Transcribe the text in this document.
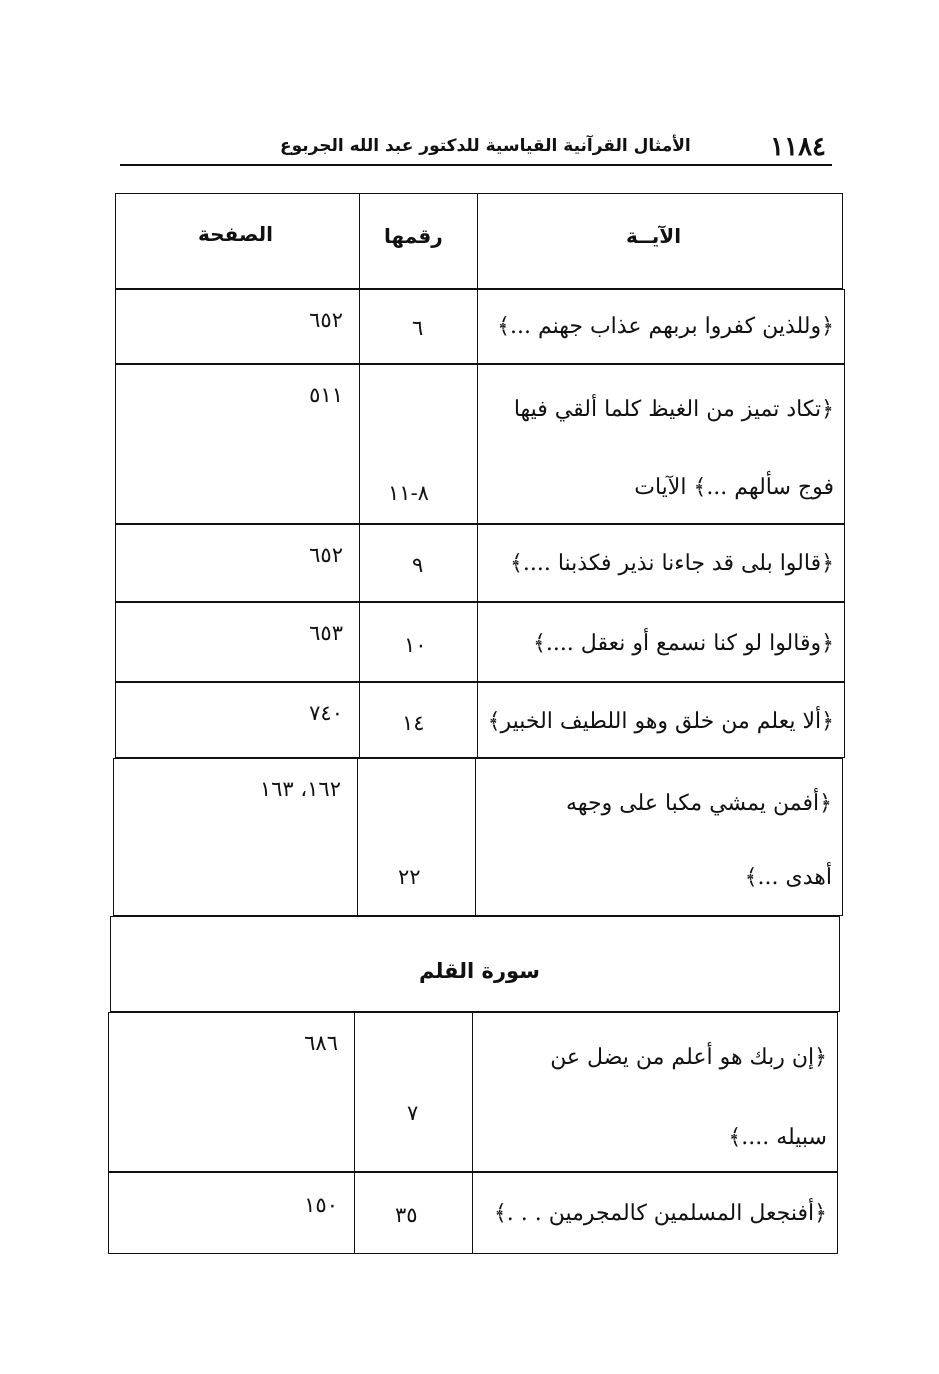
١١٨٤
الأمثال القرآنية القياسية للدكتور عبد الله الجربوع
الآيــة
رقمها
الصفحة
﴿وللذين كفروا بربهم عذاب جهنم ...﴾
٦
٦٥٢
﴿تكاد تميز من الغيظ كلما ألقي فيها
فوج سألهم ...﴾ الآيات
٨-١١
٥١١
﴿قالوا بلى قد جاءنا نذير فكذبنا ....﴾
٩
٦٥٢
﴿وقالوا لو كنا نسمع أو نعقل ....﴾
١٠
٦٥٣
﴿ألا يعلم من خلق وهو اللطيف الخبير﴾
١٤
٧٤٠
﴿أفمن يمشي مكبا على وجهه
أهدى ...﴾
٢٢
١٦٢، ١٦٣
سورة القلم
﴿إن ربك هو أعلم من يضل عن
سبيله ....﴾
٧
٦٨٦
﴿أفنجعل المسلمين كالمجرمين . . .﴾
٣٥
١٥٠
